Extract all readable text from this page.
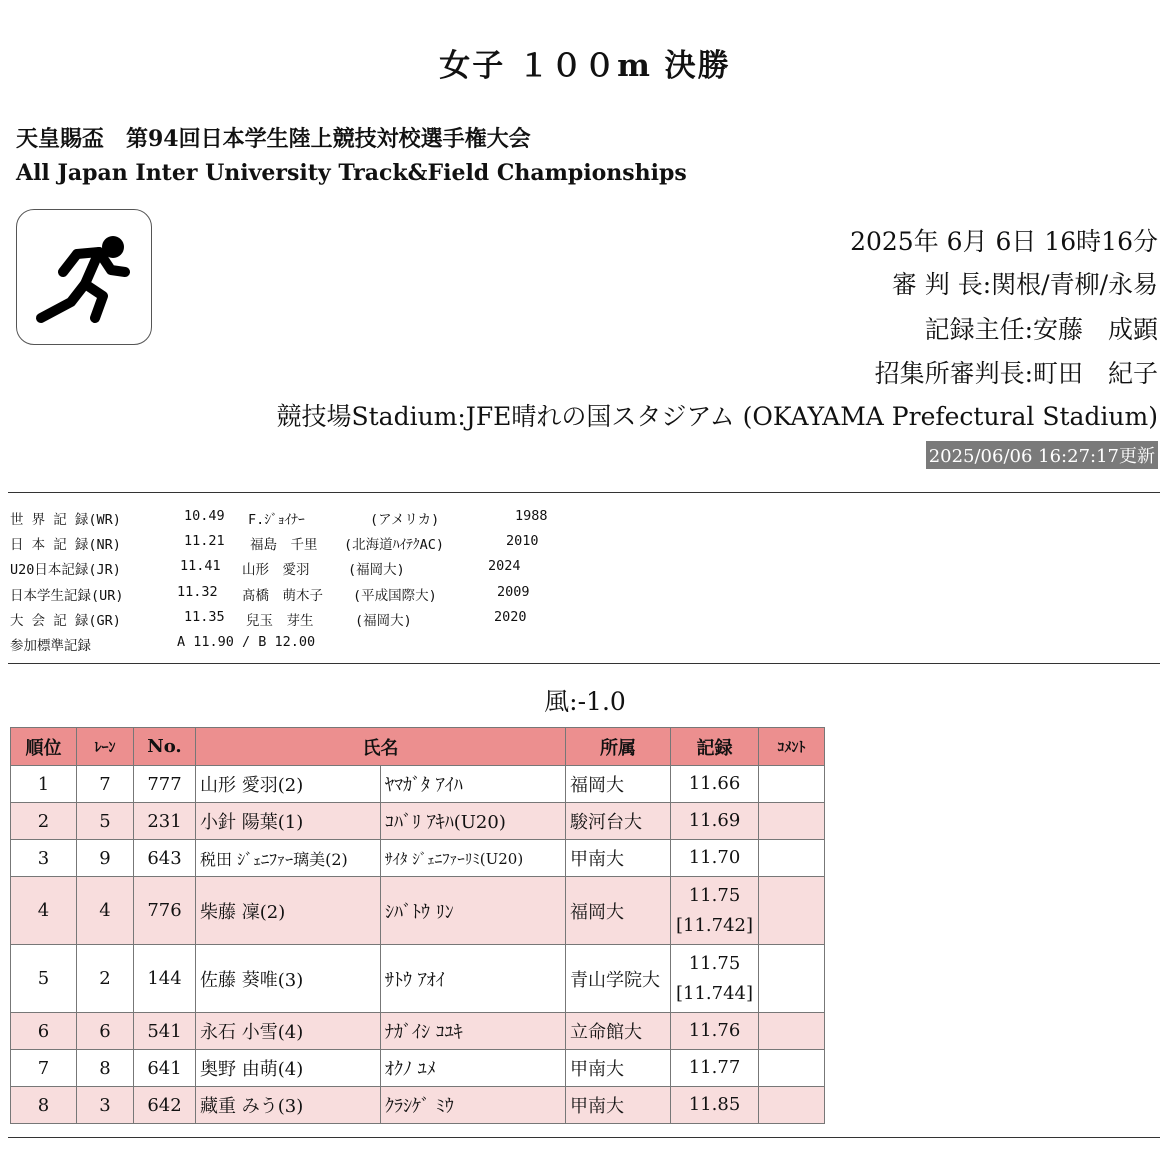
女子 １００m 決勝
天皇賜盃　第94回日本学生陸上競技対校選手権大会
All Japan Inter University Track&Field Championships
2025年 6月 6日 16時16分
審 判 長:関根/青柳/永易
記録主任:安藤　成顕
招集所審判長:町田　紀子
競技場Stadium:JFE晴れの国スタジアム (OKAYAMA Prefectural Stadium)
2025/06/06 16:27:17更新
世 界 記 録(WR)	10.49 F.ｼﾞｮｲﾅｰ	(アメリカ)	1988
日 本 記 録(NR)	11.21 福島　千里 (北海道ﾊｲﾃｸAC)	2010
U20日本記録(JR)	11.41 山形　愛羽	(福岡大)	2024
日本学生記録(UR)	11.32 髙橋　萌木子 (平成国際大)	2009
大 会 記 録(GR)	11.35 兒玉　芽生	(福岡大)	2020
参加標準記録	A 11.90 / B 12.00
風:-1.0
順位	ﾚｰﾝ	No.	氏名		所属	記録	ｺﾒﾝﾄ
1	7	777	山形 愛羽(2)	ﾔﾏｶﾞﾀ ｱｲﾊ	福岡大	11.66	

2	5	231	小針 陽葉(1)	ｺﾊﾞﾘ ｱｷﾊ(U20)	駿河台大	11.69	

3	9	643	税田 ｼﾞｪﾆﾌｧｰ璃美(2)	ｻｲﾀ ｼﾞｪﾆﾌｧｰﾘﾐ(U20)	甲南大	11.70	

4	4	776	柴藤 凜(2)	ｼﾊﾞﾄｳ ﾘﾝ	福岡大	11.75
[11.742]	

5	2	144	佐藤 葵唯(3)	ｻﾄｳ ｱｵｲ	青山学院大	11.75
[11.744]	

6	6	541	永石 小雪(4)	ﾅｶﾞｲｼ ｺﾕｷ	立命館大	11.76	

7	8	641	奥野 由萌(4)	ｵｸﾉ ﾕﾒ	甲南大	11.77	

8	3	642	藏重 みう(3)	ｸﾗｼｹﾞ ﾐｳ	甲南大	11.85	
